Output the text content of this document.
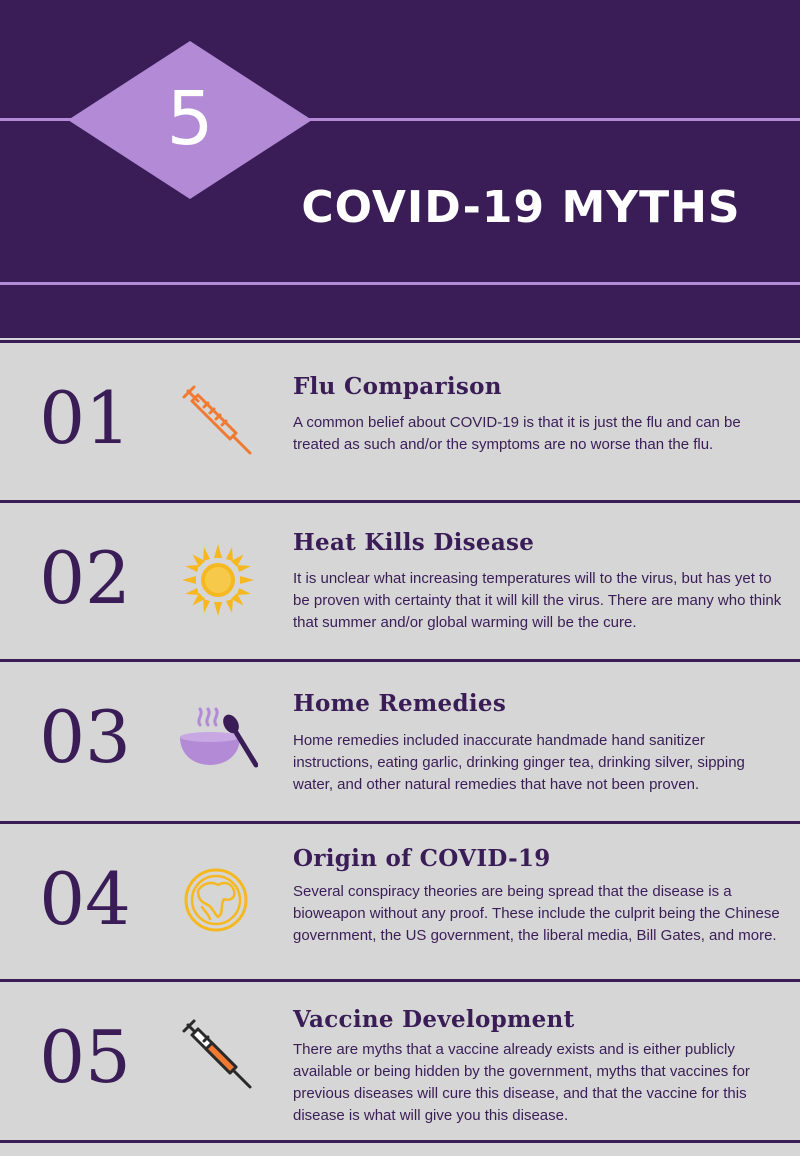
5
COVID-19 MYTHS
01	Flu Comparison
A common belief about COVID-19 is that it is just the flu and can be treated as such and/or the symptoms are no worse than the flu.
02	Heat Kills Disease
It is unclear what increasing temperatures will to the virus, but has yet to be proven with certainty that it will kill the virus. There are many who think that summer and/or global warming will be the cure.
03	Home Remedies
Home remedies included inaccurate handmade hand sanitizer instructions, eating garlic, drinking ginger tea, drinking silver, sipping water, and other natural remedies that have not been proven.
04	Origin of COVID-19
Several conspiracy theories are being spread that the disease is a bioweapon without any proof. These include the culprit being the Chinese government, the US government, the liberal media, Bill Gates, and more.
05	Vaccine Development
There are myths that a vaccine already exists and is either publicly available or being hidden by the government, myths that vaccines for previous diseases will cure this disease, and that the vaccine for this disease is what will give you this disease.
